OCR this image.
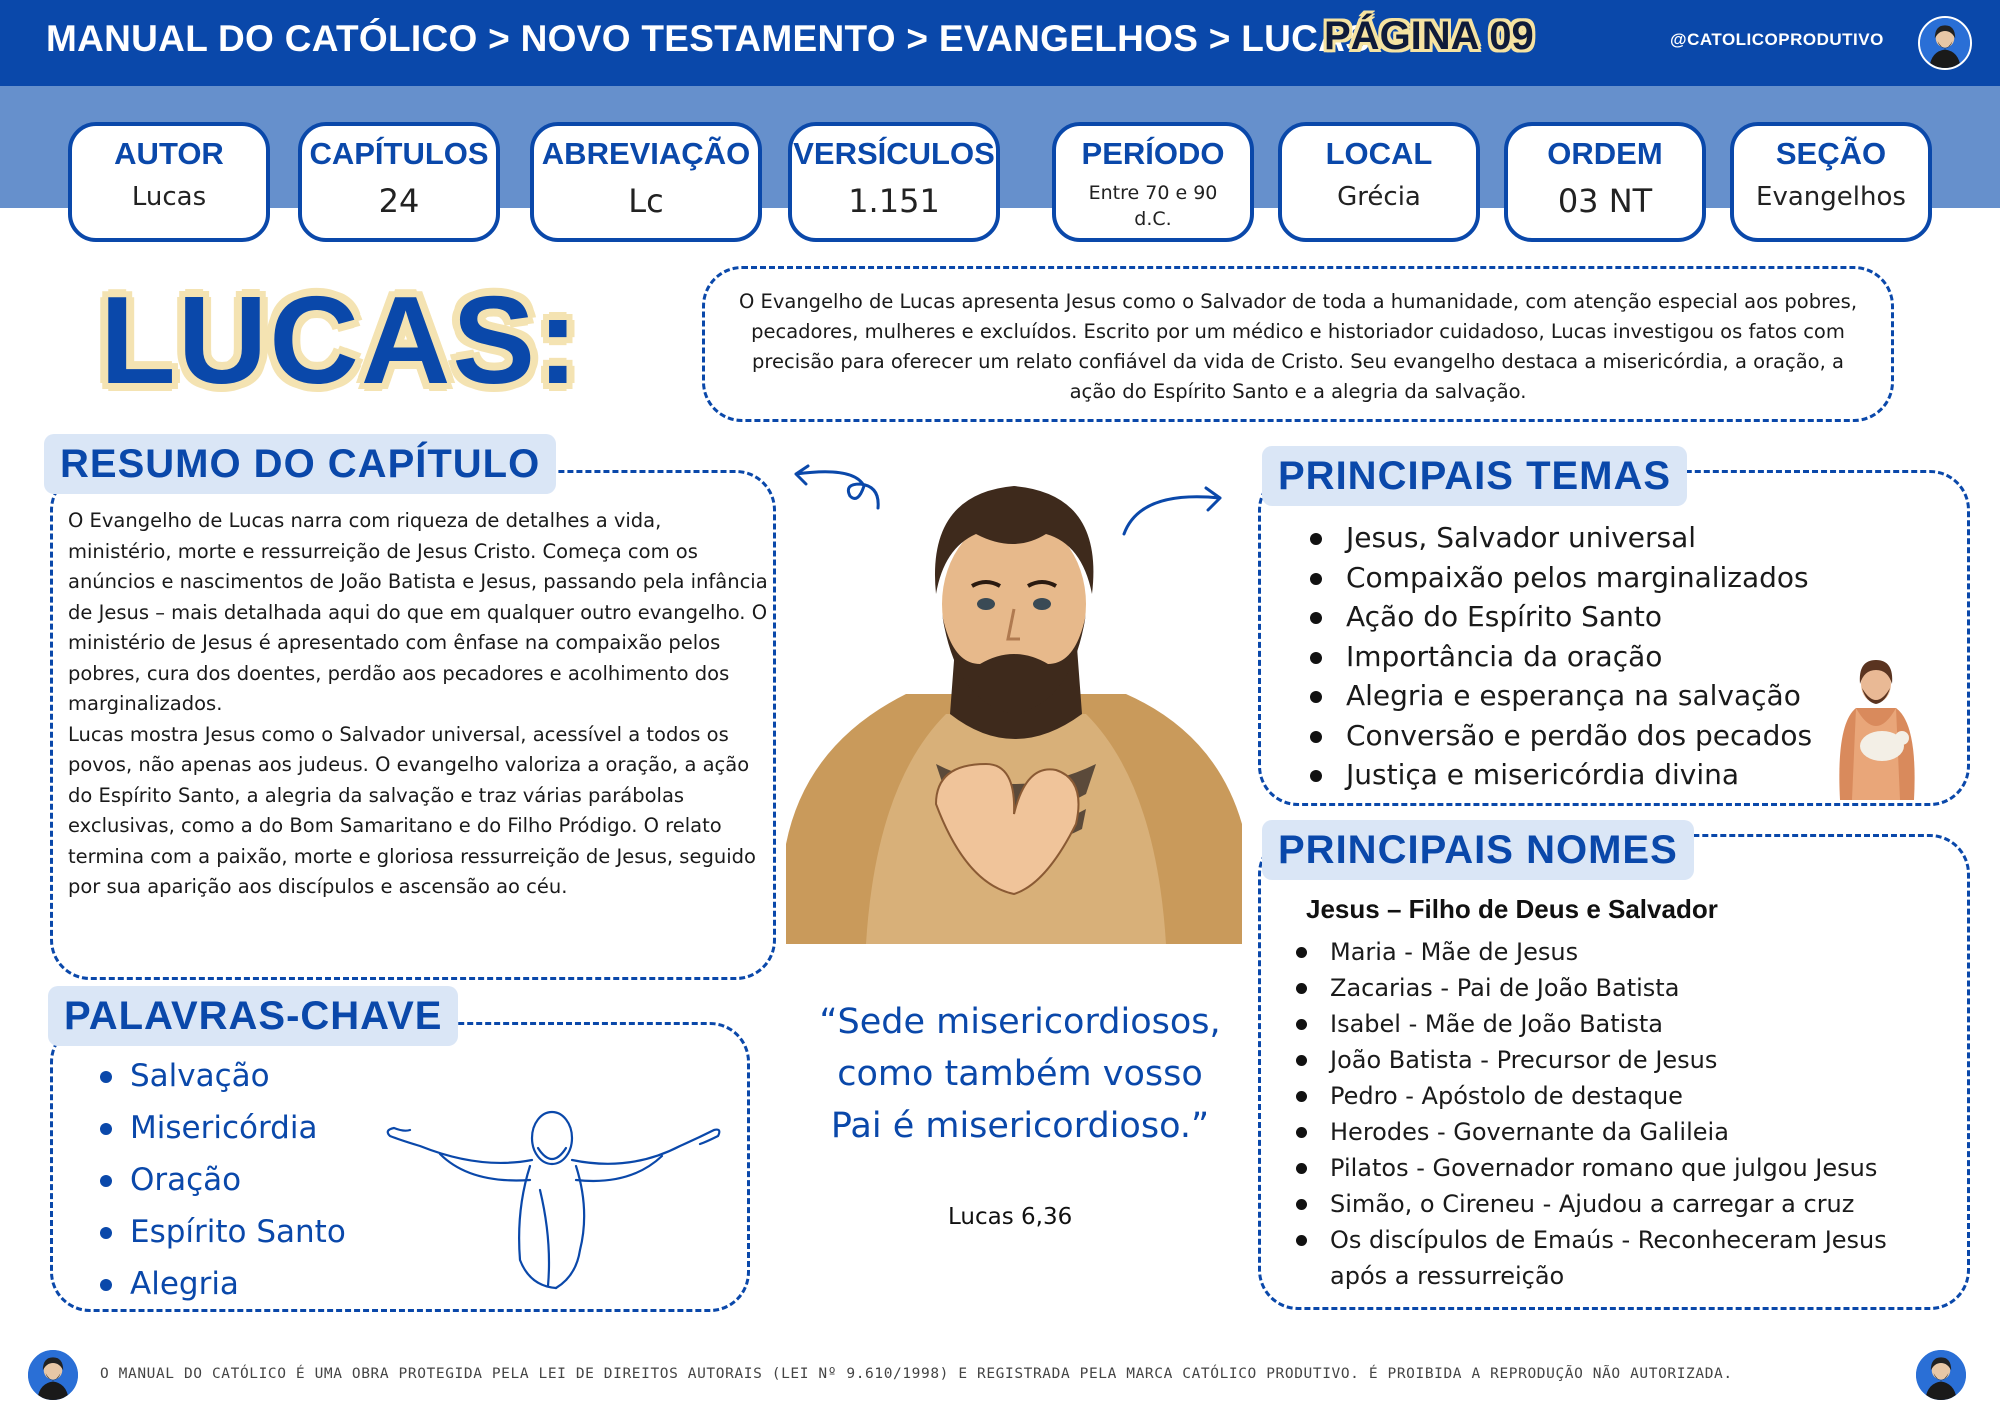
MANUAL DO CATÓLICO > NOVO TESTAMENTO > EVANGELHOS > LUCAS
PÁGINA 09	@CATOLICOPRODUTIVO
AUTOR
Lucas
CAPÍTULOS
24
ABREVIAÇÃO
Lc
VERSÍCULOS
1.151
PERÍODO
Entre 70 e 90 d.C.
LOCAL
Grécia
ORDEM
03 NT
SEÇÃO
Evangelhos
LUCAS:	O Evangelho de Lucas apresenta Jesus como o Salvador de toda a humanidade, com atenção especial aos pobres, pecadores, mulheres e excluídos. Escrito por um médico e historiador cuidadoso, Lucas investigou os fatos com precisão para oferecer um relato confiável da vida de Cristo. Seu evangelho destaca a misericórdia, a oração, a ação do Espírito Santo e a alegria da salvação.
RESUMO DO CAPÍTULO

O Evangelho de Lucas narra com riqueza de detalhes a vida, ministério, morte e ressurreição de Jesus Cristo. Começa com os anúncios e nascimentos de João Batista e Jesus, passando pela infância de Jesus – mais detalhada aqui do que em qualquer outro evangelho. O ministério de Jesus é apresentado com ênfase na compaixão pelos pobres, cura dos doentes, perdão aos pecadores e acolhimento dos marginalizados.

Lucas mostra Jesus como o Salvador universal, acessível a todos os povos, não apenas aos judeus. O evangelho valoriza a oração, a ação do Espírito Santo, a alegria da salvação e traz várias parábolas exclusivas, como a do Bom Samaritano e do Filho Pródigo. O relato termina com a paixão, morte e gloriosa ressurreição de Jesus, seguido por sua aparição aos discípulos e ascensão ao céu.

PALAVRAS-CHAVE
Salvação
Misericórdia
Oração
Espírito Santo
Alegria
“Sede misericordiosos, como também vosso Pai é misericordioso.”
Lucas 6,36
PRINCIPAIS TEMAS
Jesus, Salvador universal
Compaixão pelos marginalizados
Ação do Espírito Santo
Importância da oração
Alegria e esperança na salvação
Conversão e perdão dos pecados
Justiça e misericórdia divina
PRINCIPAIS NOMES
Jesus – Filho de Deus e Salvador
Maria - Mãe de Jesus
Zacarias - Pai de João Batista
Isabel - Mãe de João Batista
João Batista - Precursor de Jesus
Pedro - Apóstolo de destaque
Herodes - Governante da Galileia
Pilatos - Governador romano que julgou Jesus
Simão, o Cireneu - Ajudou a carregar a cruz
Os discípulos de Emaús - Reconheceram Jesus após a ressurreição
O MANUAL DO CATÓLICO É UMA OBRA PROTEGIDA PELA LEI DE DIREITOS AUTORAIS (LEI Nº 9.610/1998) E REGISTRADA PELA MARCA CATÓLICO PRODUTIVO. É PROIBIDA A REPRODUÇÃO NÃO AUTORIZADA.
